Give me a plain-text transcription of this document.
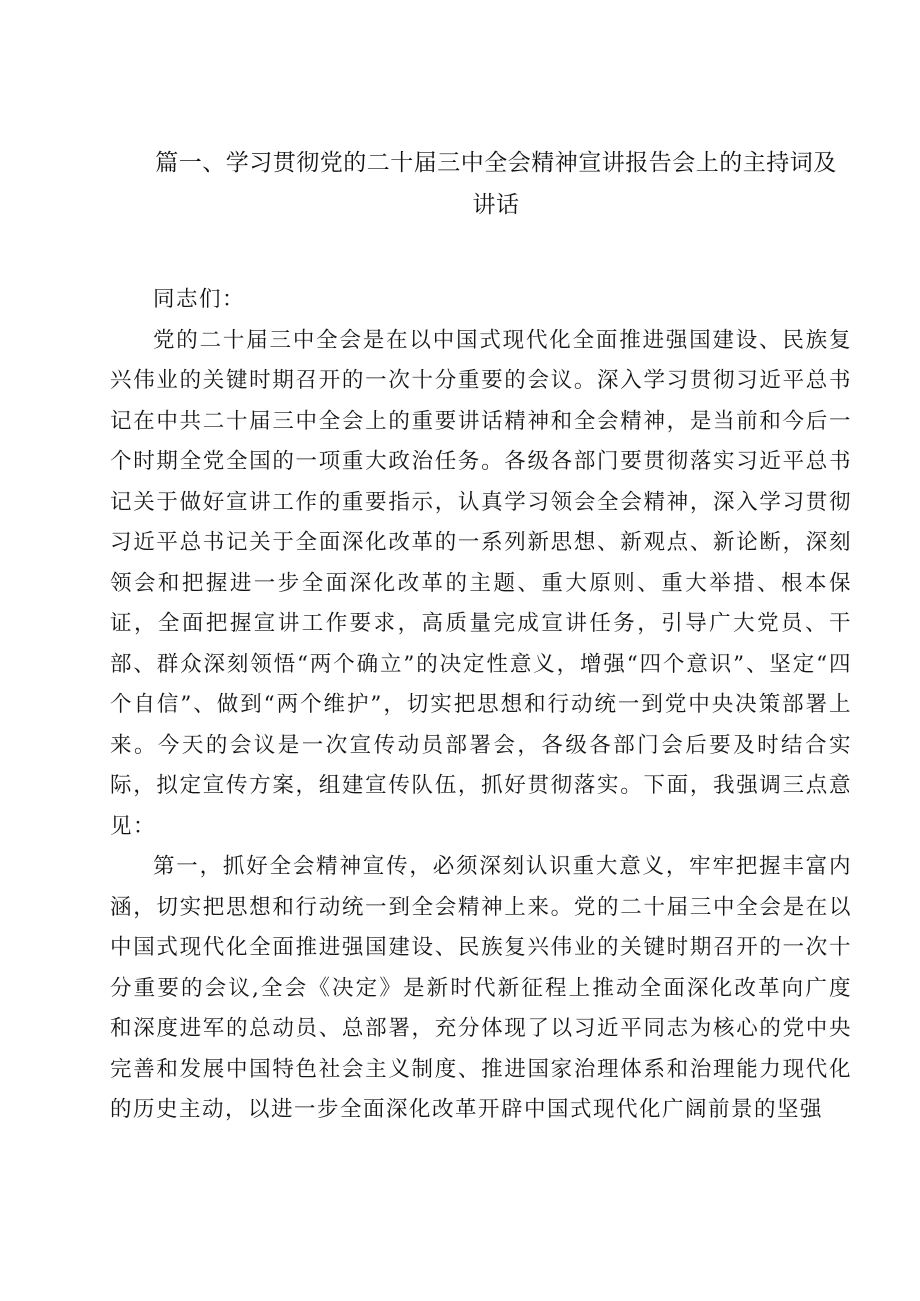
篇一、学习贯彻党的二十届三中全会精神宣讲报告会上的主持词及
讲话

同志们：

党的二十届三中全会是在以中国式现代化全面推进强国建设、民族复兴伟业的关键时期召开的一次十分重要的会议。深入学习贯彻习近平总书记在中共二十届三中全会上的重要讲话精神和全会精神，是当前和今后一个时期全党全国的一项重大政治任务。各级各部门要贯彻落实习近平总书记关于做好宣讲工作的重要指示，认真学习领会全会精神，深入学习贯彻习近平总书记关于全面深化改革的一系列新思想、新观点、新论断，深刻领会和把握进一步全面深化改革的主题、重大原则、重大举措、根本保证，全面把握宣讲工作要求，高质量完成宣讲任务，引导广大党员、干部、群众深刻领悟“两个确立”的决定性意义，增强“四个意识”、坚定“四个自信”、做到“两个维护”，切实把思想和行动统一到党中央决策部署上来。今天的会议是一次宣传动员部署会，各级各部门会后要及时结合实际，拟定宣传方案，组建宣传队伍，抓好贯彻落实。下面，我强调三点意见：

第一，抓好全会精神宣传，必须深刻认识重大意义，牢牢把握丰富内涵，切实把思想和行动统一到全会精神上来。党的二十届三中全会是在以中国式现代化全面推进强国建设、民族复兴伟业的关键时期召开的一次十分重要的会议,全会《决定》是新时代新征程上推动全面深化改革向广度和深度进军的总动员、总部署，充分体现了以习近平同志为核心的党中央完善和发展中国特色社会主义制度、推进国家治理体系和治理能力现代化的历史主动，以进一步全面深化改革开辟中国式现代化广阔前景的坚强
